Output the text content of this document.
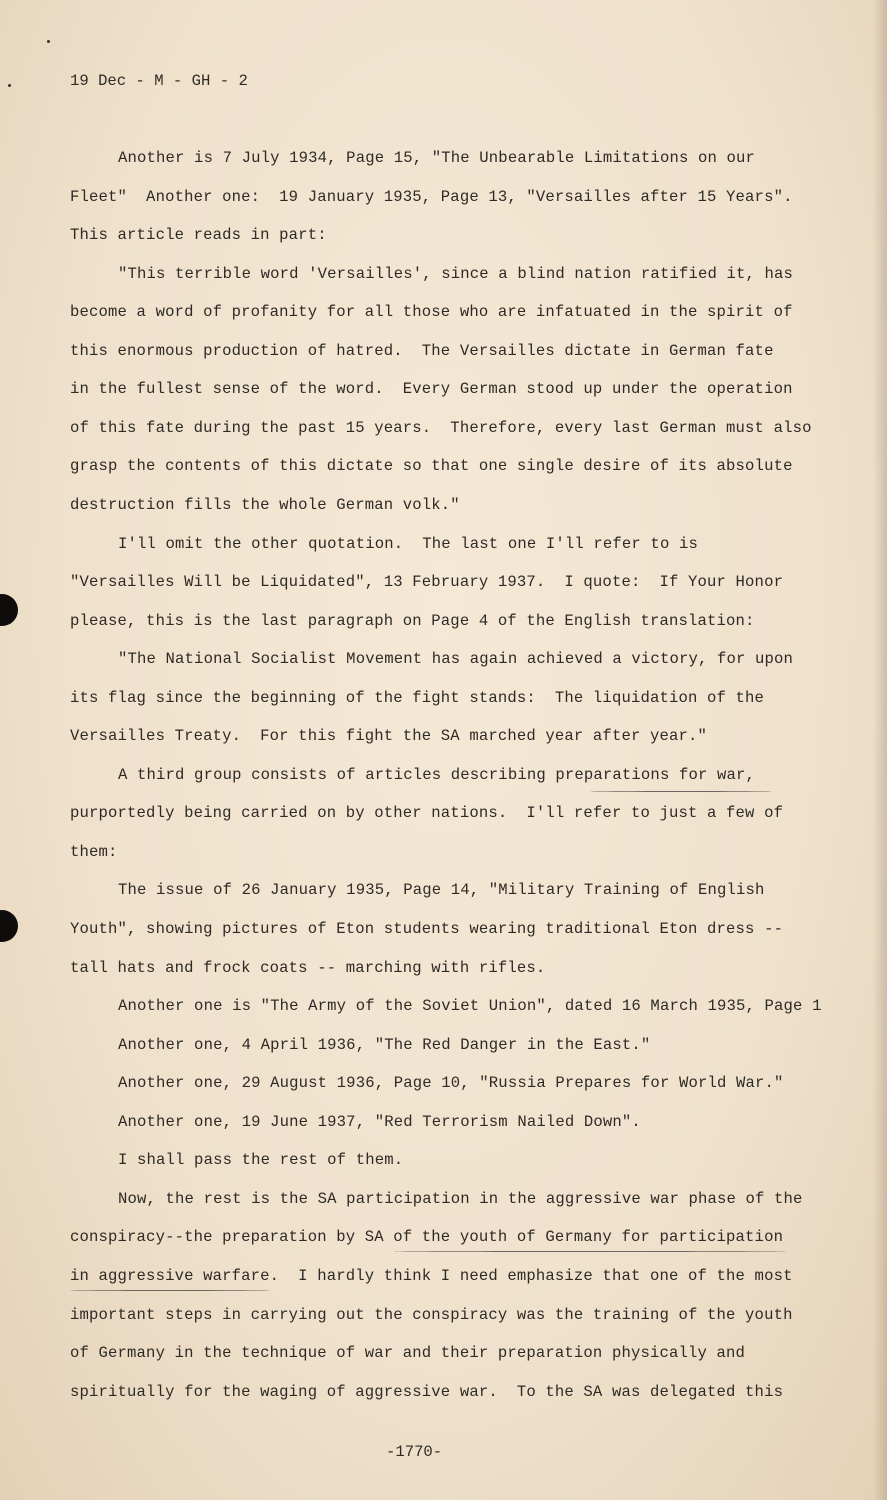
19 Dec - M - GH - 2
Another is 7 July 1934, Page 15, "The Unbearable Limitations on our
Fleet"  Another one:  19 January 1935, Page 13, "Versailles after 15 Years".
This article reads in part:
"This terrible word 'Versailles', since a blind nation ratified it, has
become a word of profanity for all those who are infatuated in the spirit of
this enormous production of hatred.  The Versailles dictate in German fate
in the fullest sense of the word.  Every German stood up under the operation
of this fate during the past 15 years.  Therefore, every last German must also
grasp the contents of this dictate so that one single desire of its absolute
destruction fills the whole German volk."
I'll omit the other quotation.  The last one I'll refer to is
"Versailles Will be Liquidated", 13 February 1937.  I quote:  If Your Honor
please, this is the last paragraph on Page 4 of the English translation:
"The National Socialist Movement has again achieved a victory, for upon
its flag since the beginning of the fight stands:  The liquidation of the
Versailles Treaty.  For this fight the SA marched year after year."
A third group consists of articles describing preparations for war,
purportedly being carried on by other nations.  I'll refer to just a few of
them:
The issue of 26 January 1935, Page 14, "Military Training of English
Youth", showing pictures of Eton students wearing traditional Eton dress --
tall hats and frock coats -- marching with rifles.
Another one is "The Army of the Soviet Union", dated 16 March 1935, Page 1
Another one, 4 April 1936, "The Red Danger in the East."
Another one, 29 August 1936, Page 10, "Russia Prepares for World War."
Another one, 19 June 1937, "Red Terrorism Nailed Down".
I shall pass the rest of them.
Now, the rest is the SA participation in the aggressive war phase of the
conspiracy--the preparation by SA of the youth of Germany for participation
in aggressive warfare.  I hardly think I need emphasize that one of the most
important steps in carrying out the conspiracy was the training of the youth
of Germany in the technique of war and their preparation physically and
spiritually for the waging of aggressive war.  To the SA was delegated this
-1770-
